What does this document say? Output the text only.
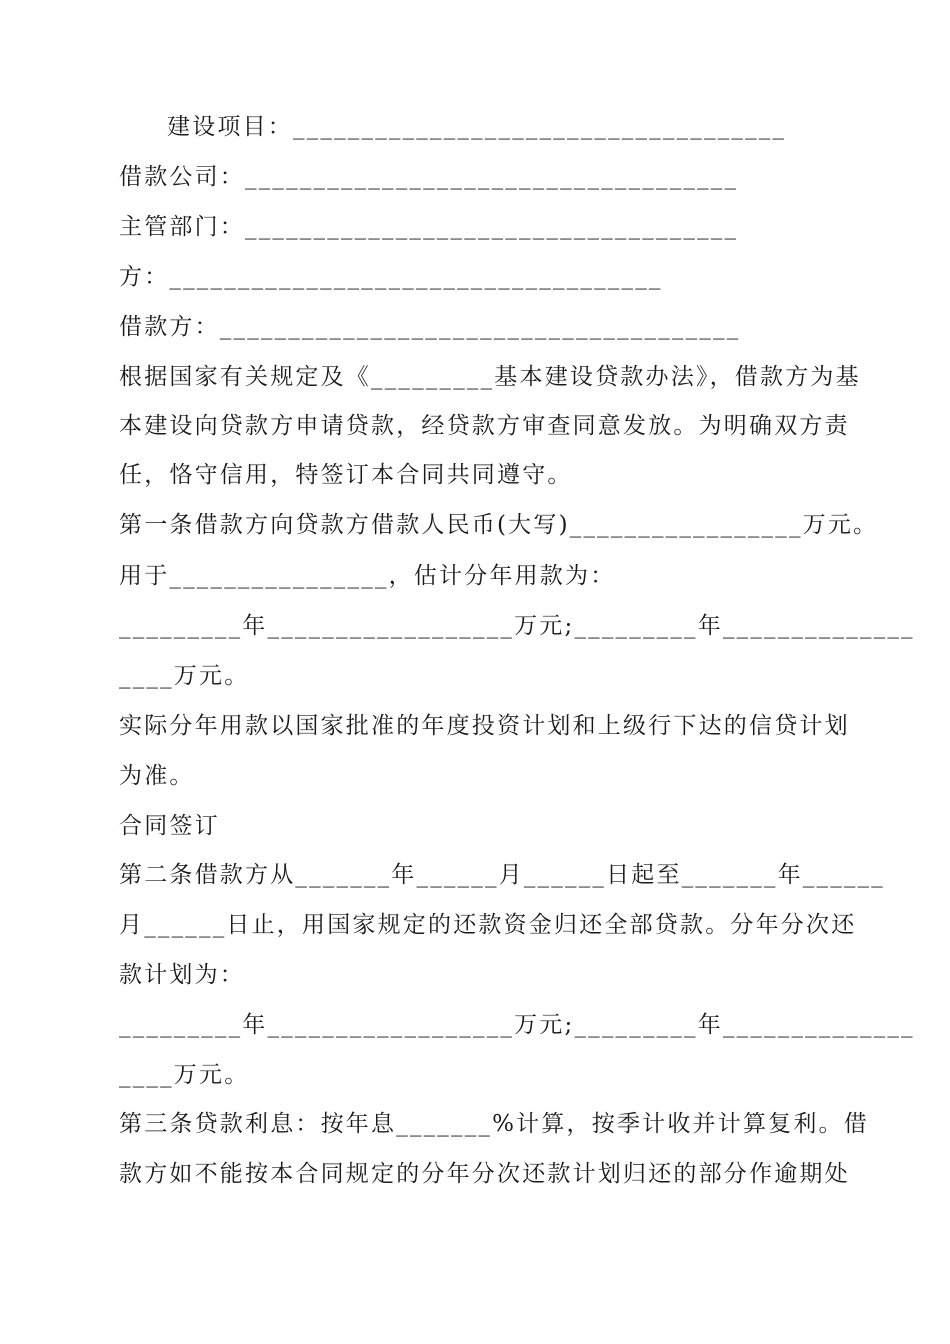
建设项目：____________________________________
借款公司：____________________________________
主管部门：____________________________________
方：____________________________________
借款方：______________________________________
根据国家有关规定及《_________基本建设贷款办法》，借款方为基
本建设向贷款方申请贷款，经贷款方审查同意发放。为明确双方责
任，恪守信用，特签订本合同共同遵守。
第一条借款方向贷款方借款人民币(大写)_________________万元。
用于________________，估计分年用款为：
_________年__________________万元;_________年______________
____万元。
实际分年用款以国家批准的年度投资计划和上级行下达的信贷计划
为准。
合同签订
第二条借款方从_______年______月______日起至_______年______
月______日止，用国家规定的还款资金归还全部贷款。分年分次还
款计划为：
_________年__________________万元;_________年______________
____万元。
第三条贷款利息：按年息_______%计算，按季计收并计算复利。借
款方如不能按本合同规定的分年分次还款计划归还的部分作逾期处
